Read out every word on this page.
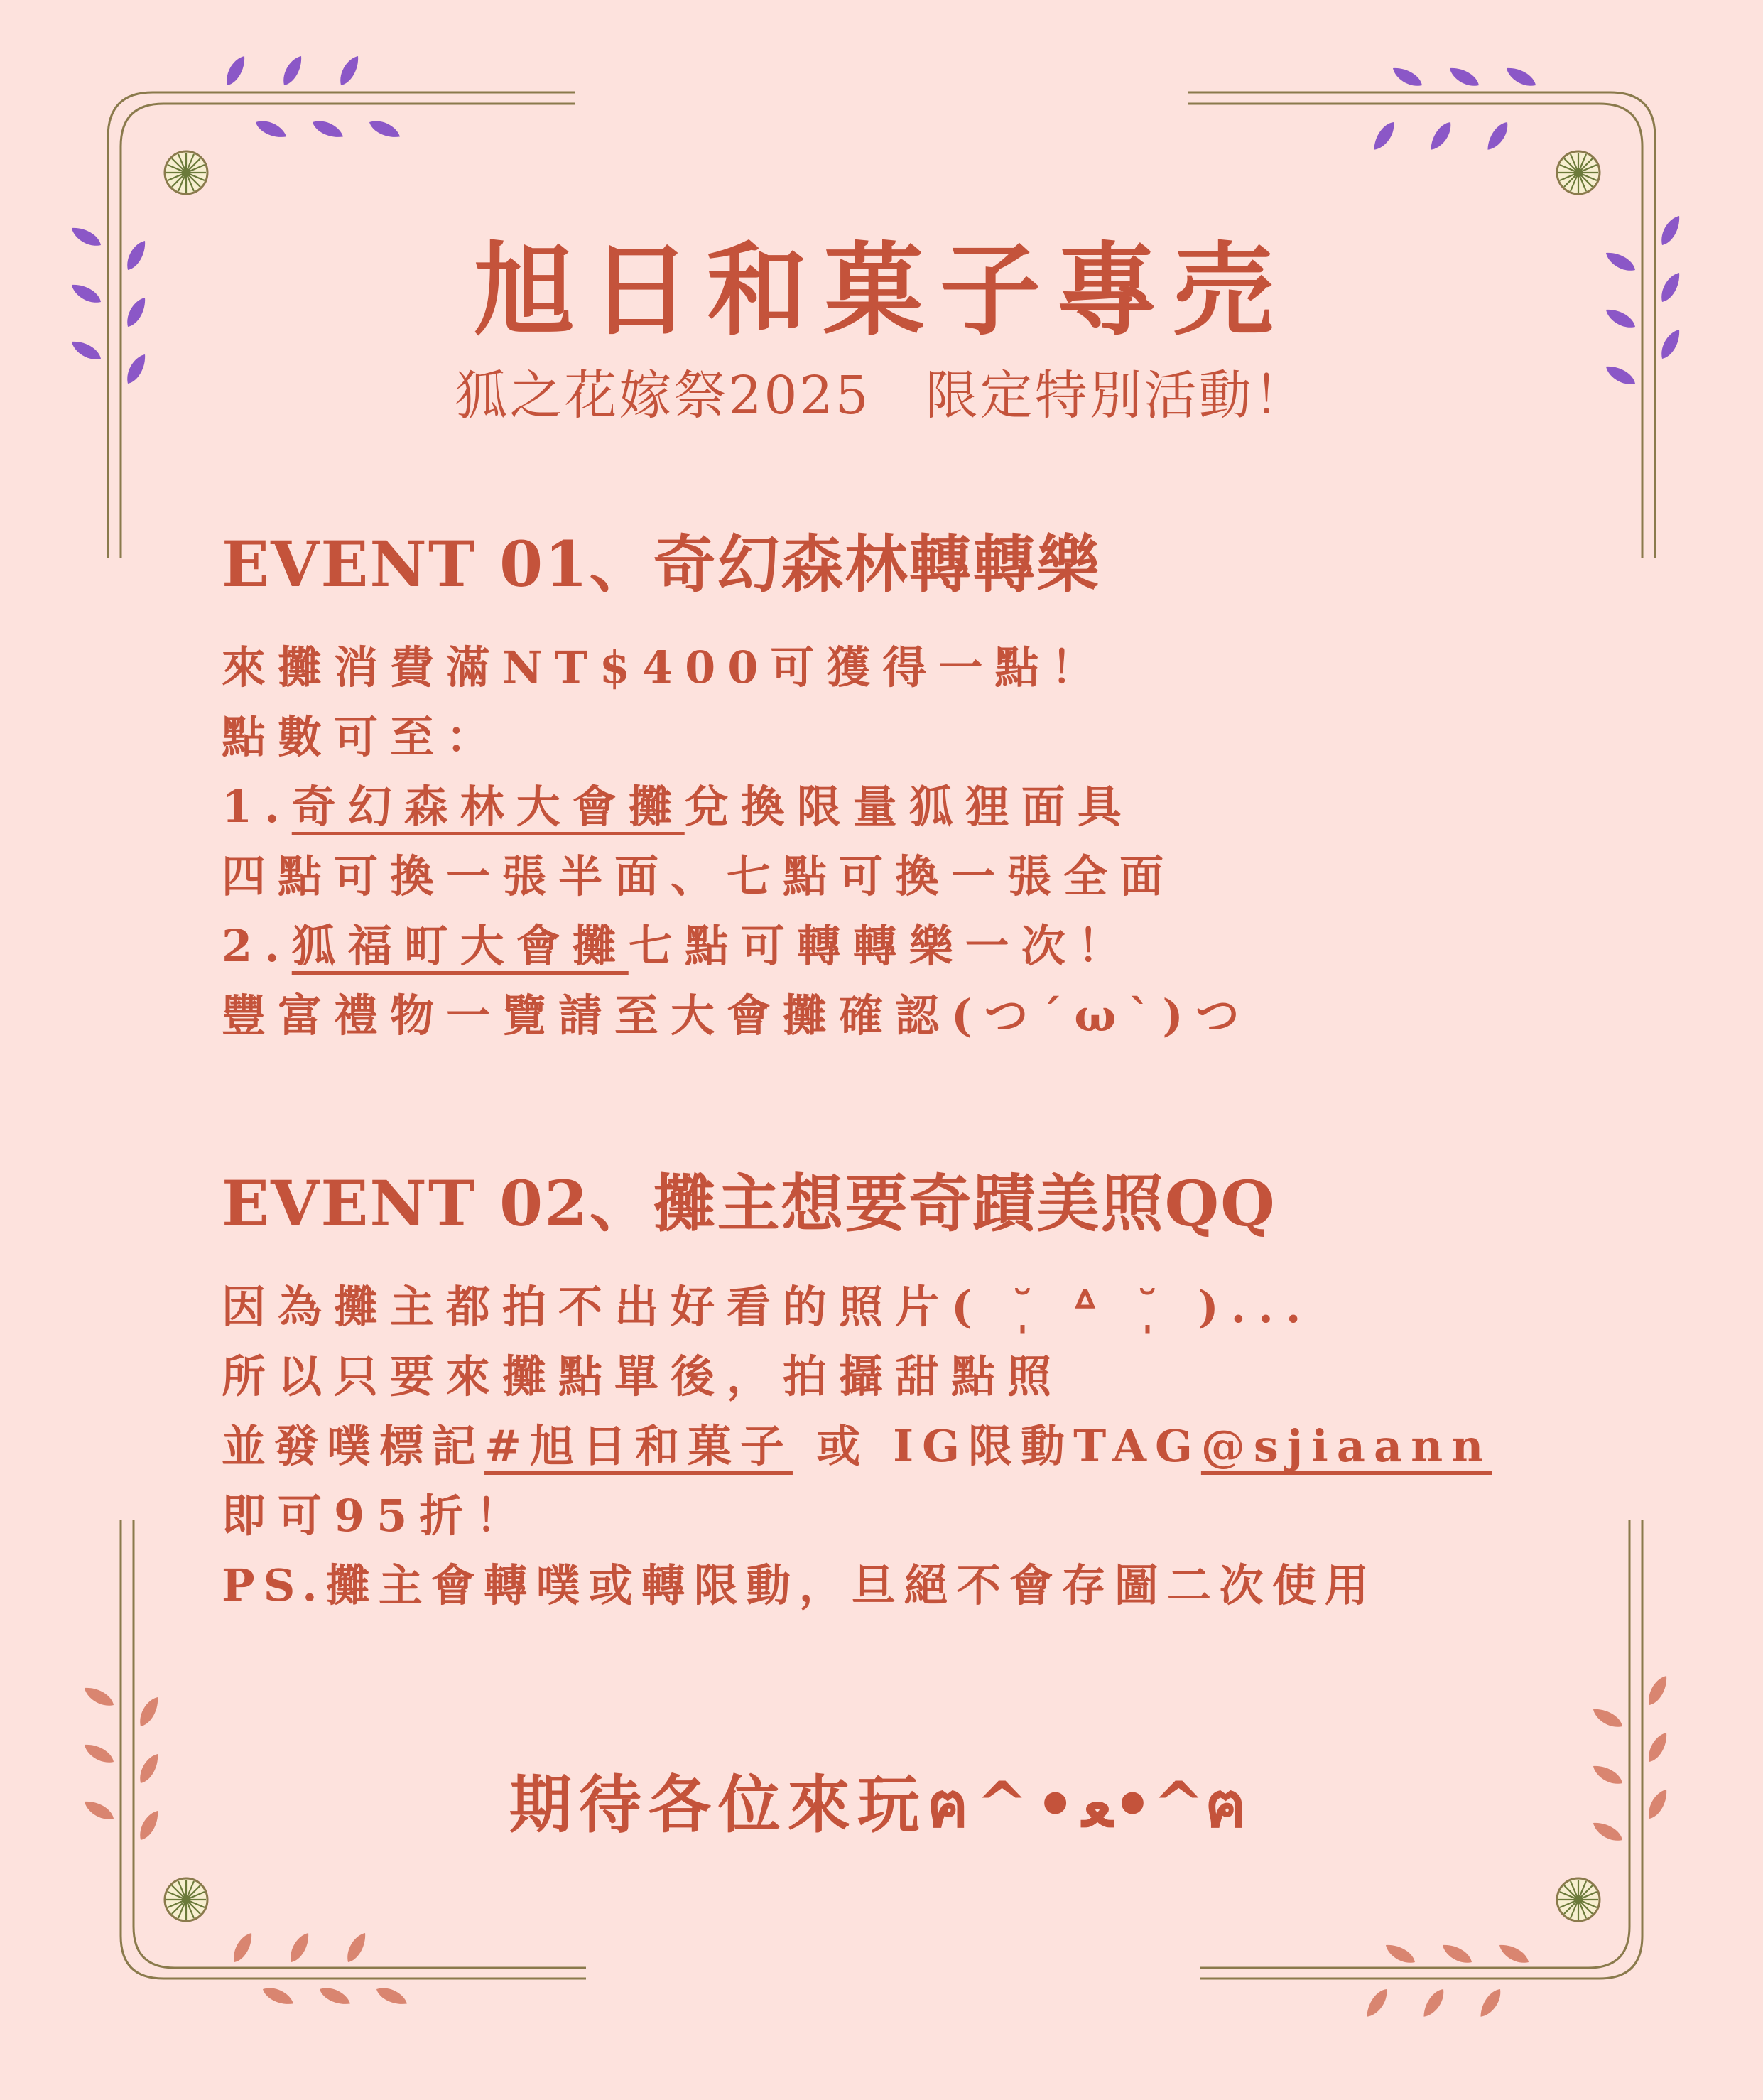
旭日和菓子專売

狐之花嫁祭2025　限定特別活動！

EVENT 01、奇幻森林轉轉樂

來攤消費滿NT$400可獲得一點！

點數可至：

1.奇幻森林大會攤兌換限量狐狸面具

四點可換一張半面、七點可換一張全面

2.狐福町大會攤七點可轉轉樂一次！

豐富禮物一覽請至大會攤確認(つ´ω`)つ

EVENT 02、攤主想要奇蹟美照QQ

因為攤主都拍不出好看的照片( ˘̩̩̩̩̩̩ ᐞ ˘̩̩̩̩̩̩ )...

所以只要來攤點單後，拍攝甜點照

並發噗標記#旭日和菓子 或 IG限動TAG@sjiaann

即可95折！

PS.攤主會轉噗或轉限動，旦絕不會存圖二次使用

期待各位來玩ฅ^•ﻌ•^ฅ
